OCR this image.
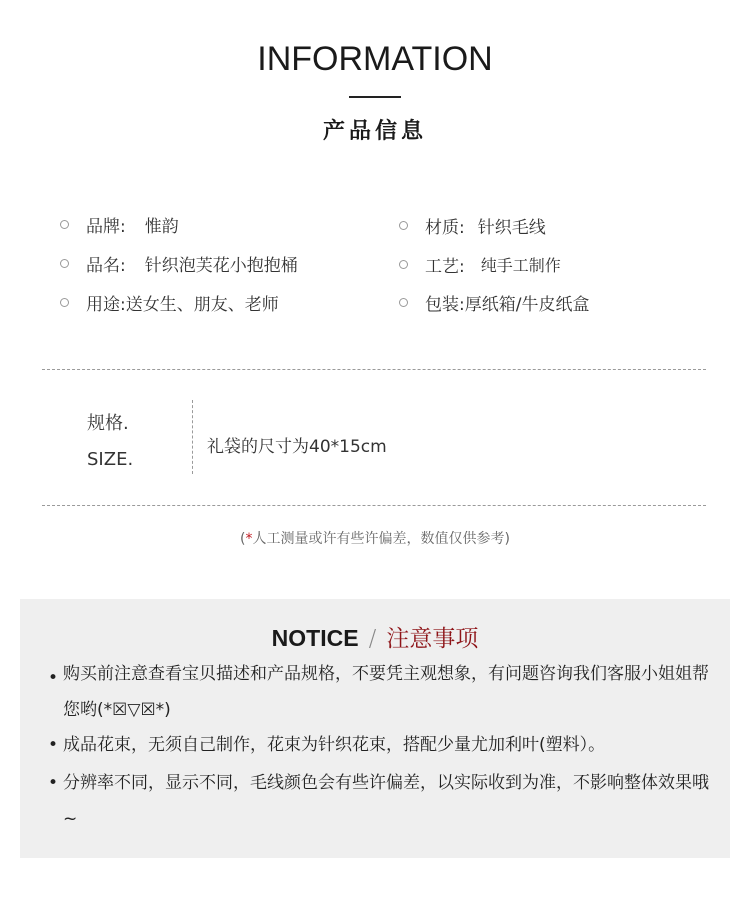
INFORMATION
产品信息
品牌: 惟韵
品名: 针织泡芙花小抱抱桶
用途: 送女生、朋友、老师
材质: 针织毛线
工艺: 纯手工制作
包装: 厚纸箱/牛皮纸盒
规格.
SIZE.
礼袋的尺寸为40*15cm
(*人工测量或许有些许偏差，数值仅供参考)
NOTICE / 注意事项
• 购买前注意查看宝贝描述和产品规格，不要凭主观想象，有问题咨询我们客服小姐姐帮您哟(*☒▽☒*)
• 成品花束，无须自己制作，花束为针织花束，搭配少量尤加利叶(塑料）。
• 分辨率不同，显示不同，毛线颜色会有些许偏差，以实际收到为准，不影响整体效果哦~
